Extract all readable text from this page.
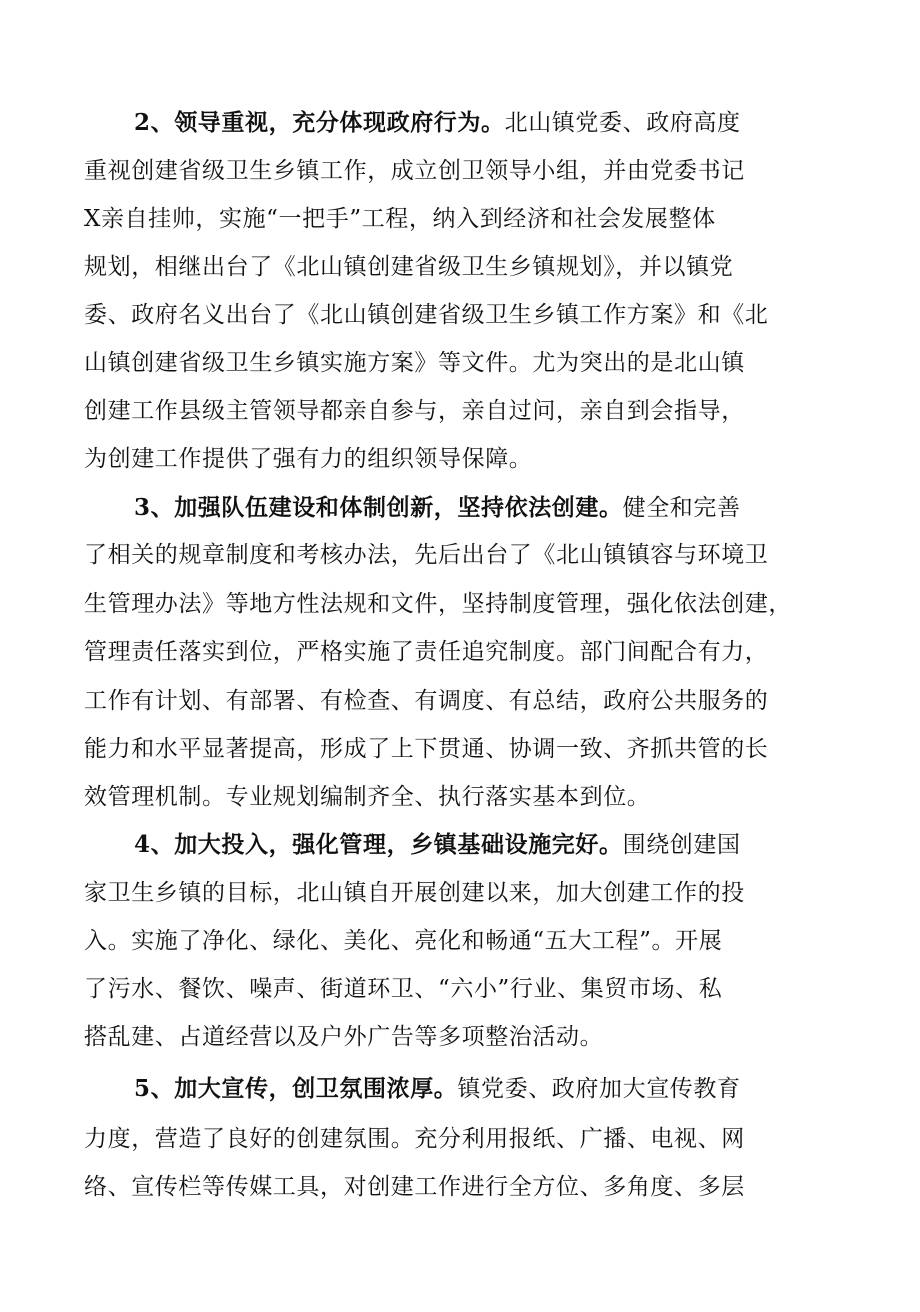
2、领导重视，充分体现政府行为。北山镇党委、政府高度
重视创建省级卫生乡镇工作，成立创卫领导小组，并由党委书记
X亲自挂帅，实施“一把手”工程，纳入到经济和社会发展整体
规划，相继出台了《北山镇创建省级卫生乡镇规划》，并以镇党
委、政府名义出台了《北山镇创建省级卫生乡镇工作方案》和《北
山镇创建省级卫生乡镇实施方案》等文件。尤为突出的是北山镇
创建工作县级主管领导都亲自参与，亲自过问，亲自到会指导，
为创建工作提供了强有力的组织领导保障。
3、加强队伍建设和体制创新，坚持依法创建。健全和完善
了相关的规章制度和考核办法，先后出台了《北山镇镇容与环境卫
生管理办法》等地方性法规和文件，坚持制度管理，强化依法创建，
管理责任落实到位，严格实施了责任追究制度。部门间配合有力，
工作有计划、有部署、有检查、有调度、有总结，政府公共服务的
能力和水平显著提高，形成了上下贯通、协调一致、齐抓共管的长
效管理机制。专业规划编制齐全、执行落实基本到位。
4、加大投入，强化管理，乡镇基础设施完好。围绕创建国
家卫生乡镇的目标，北山镇自开展创建以来，加大创建工作的投
入。实施了净化、绿化、美化、亮化和畅通“五大工程”。开展
了污水、餐饮、噪声、街道环卫、“六小”行业、集贸市场、私
搭乱建、占道经营以及户外广告等多项整治活动。
5、加大宣传，创卫氛围浓厚。镇党委、政府加大宣传教育
力度，营造了良好的创建氛围。充分利用报纸、广播、电视、网
络、宣传栏等传媒工具，对创建工作进行全方位、多角度、多层
